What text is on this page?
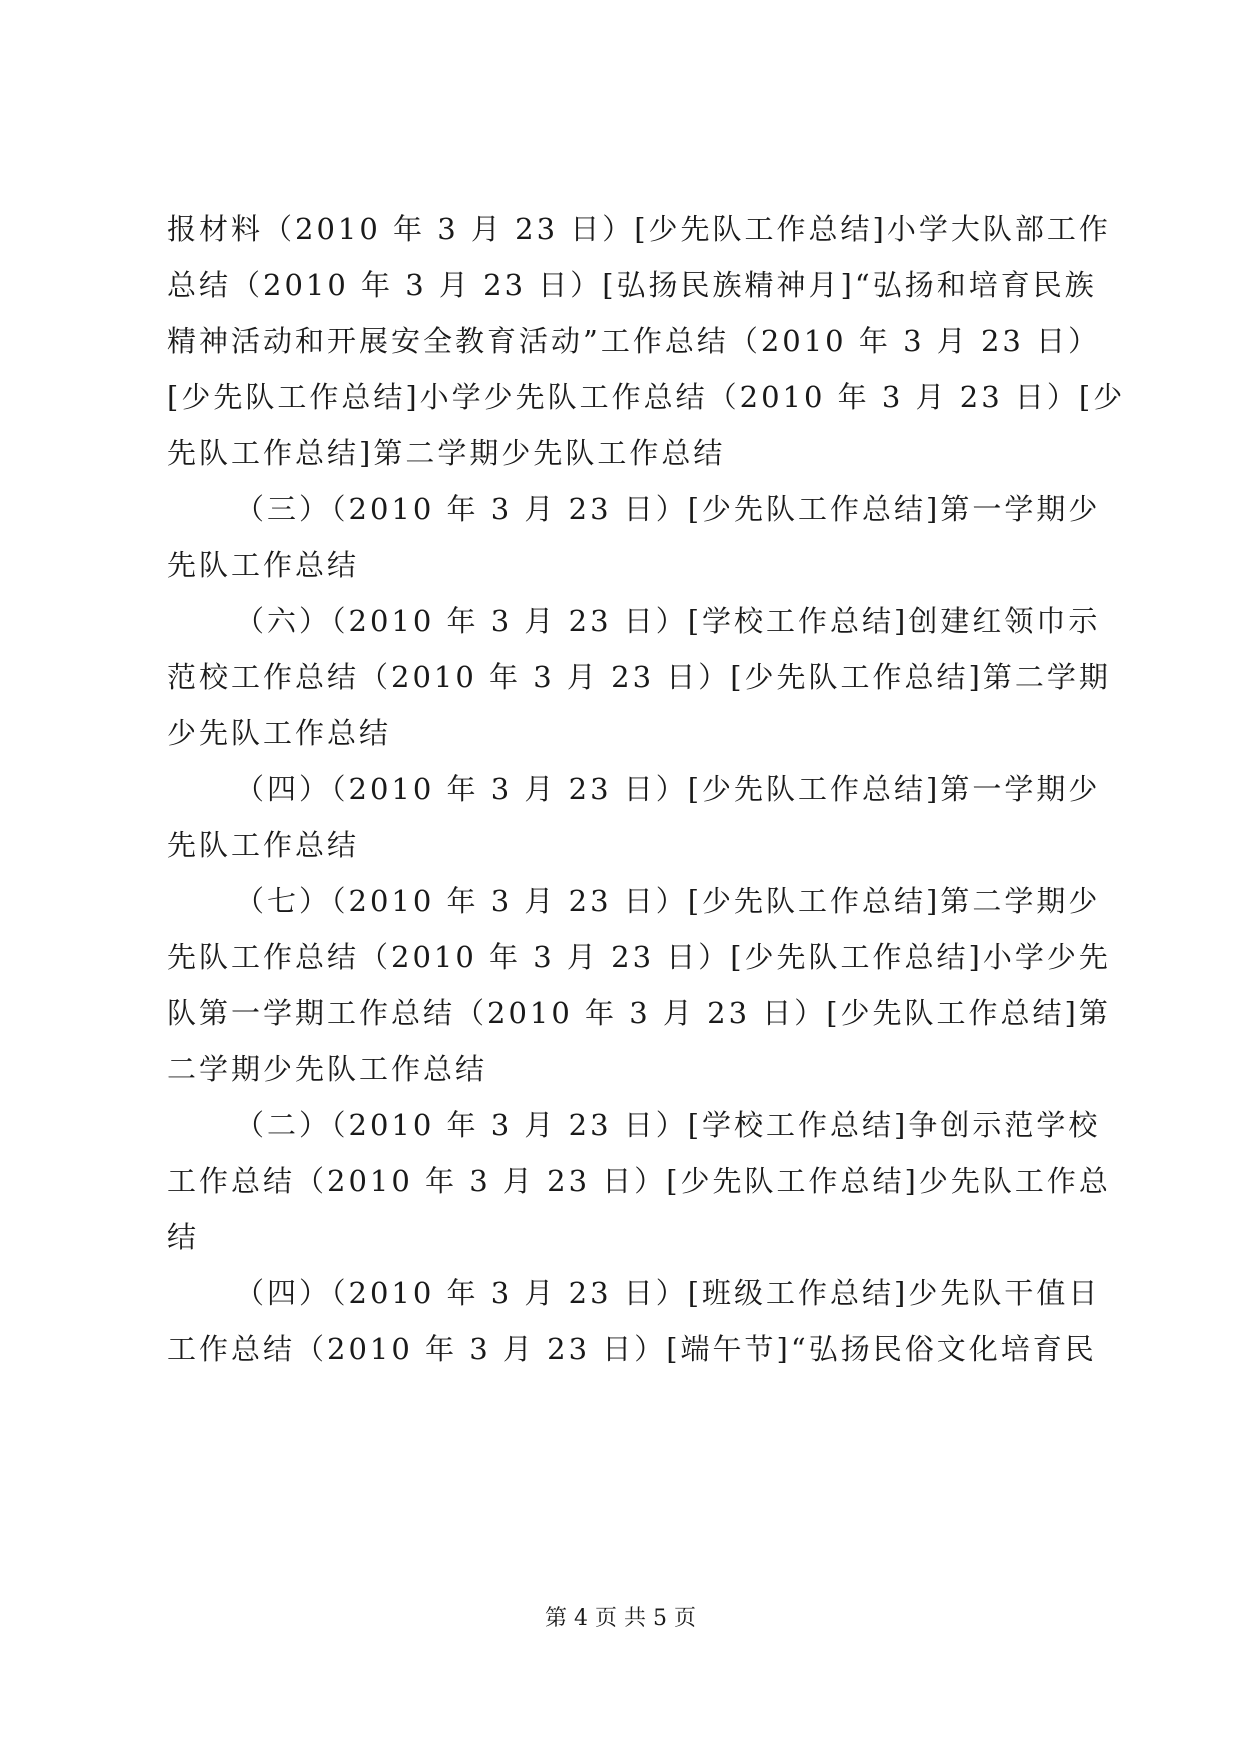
报材料（2010 年 3 月 23 日）[少先队工作总结]小学大队部工作
总结（2010 年 3 月 23 日）[弘扬民族精神月]“弘扬和培育民族
精神活动和开展安全教育活动”工作总结（2010 年 3 月 23 日）
[少先队工作总结]小学少先队工作总结（2010 年 3 月 23 日）[少
先队工作总结]第二学期少先队工作总结
（三）（2010 年 3 月 23 日）[少先队工作总结]第一学期少
先队工作总结
（六）（2010 年 3 月 23 日）[学校工作总结]创建红领巾示
范校工作总结（2010 年 3 月 23 日）[少先队工作总结]第二学期
少先队工作总结
（四）（2010 年 3 月 23 日）[少先队工作总结]第一学期少
先队工作总结
（七）（2010 年 3 月 23 日）[少先队工作总结]第二学期少
先队工作总结（2010 年 3 月 23 日）[少先队工作总结]小学少先
队第一学期工作总结（2010 年 3 月 23 日）[少先队工作总结]第
二学期少先队工作总结
（二）（2010 年 3 月 23 日）[学校工作总结]争创示范学校
工作总结（2010 年 3 月 23 日）[少先队工作总结]少先队工作总
结
（四）（2010 年 3 月 23 日）[班级工作总结]少先队干值日
工作总结（2010 年 3 月 23 日）[端午节]“弘扬民俗文化培育民
第 4 页 共 5 页
